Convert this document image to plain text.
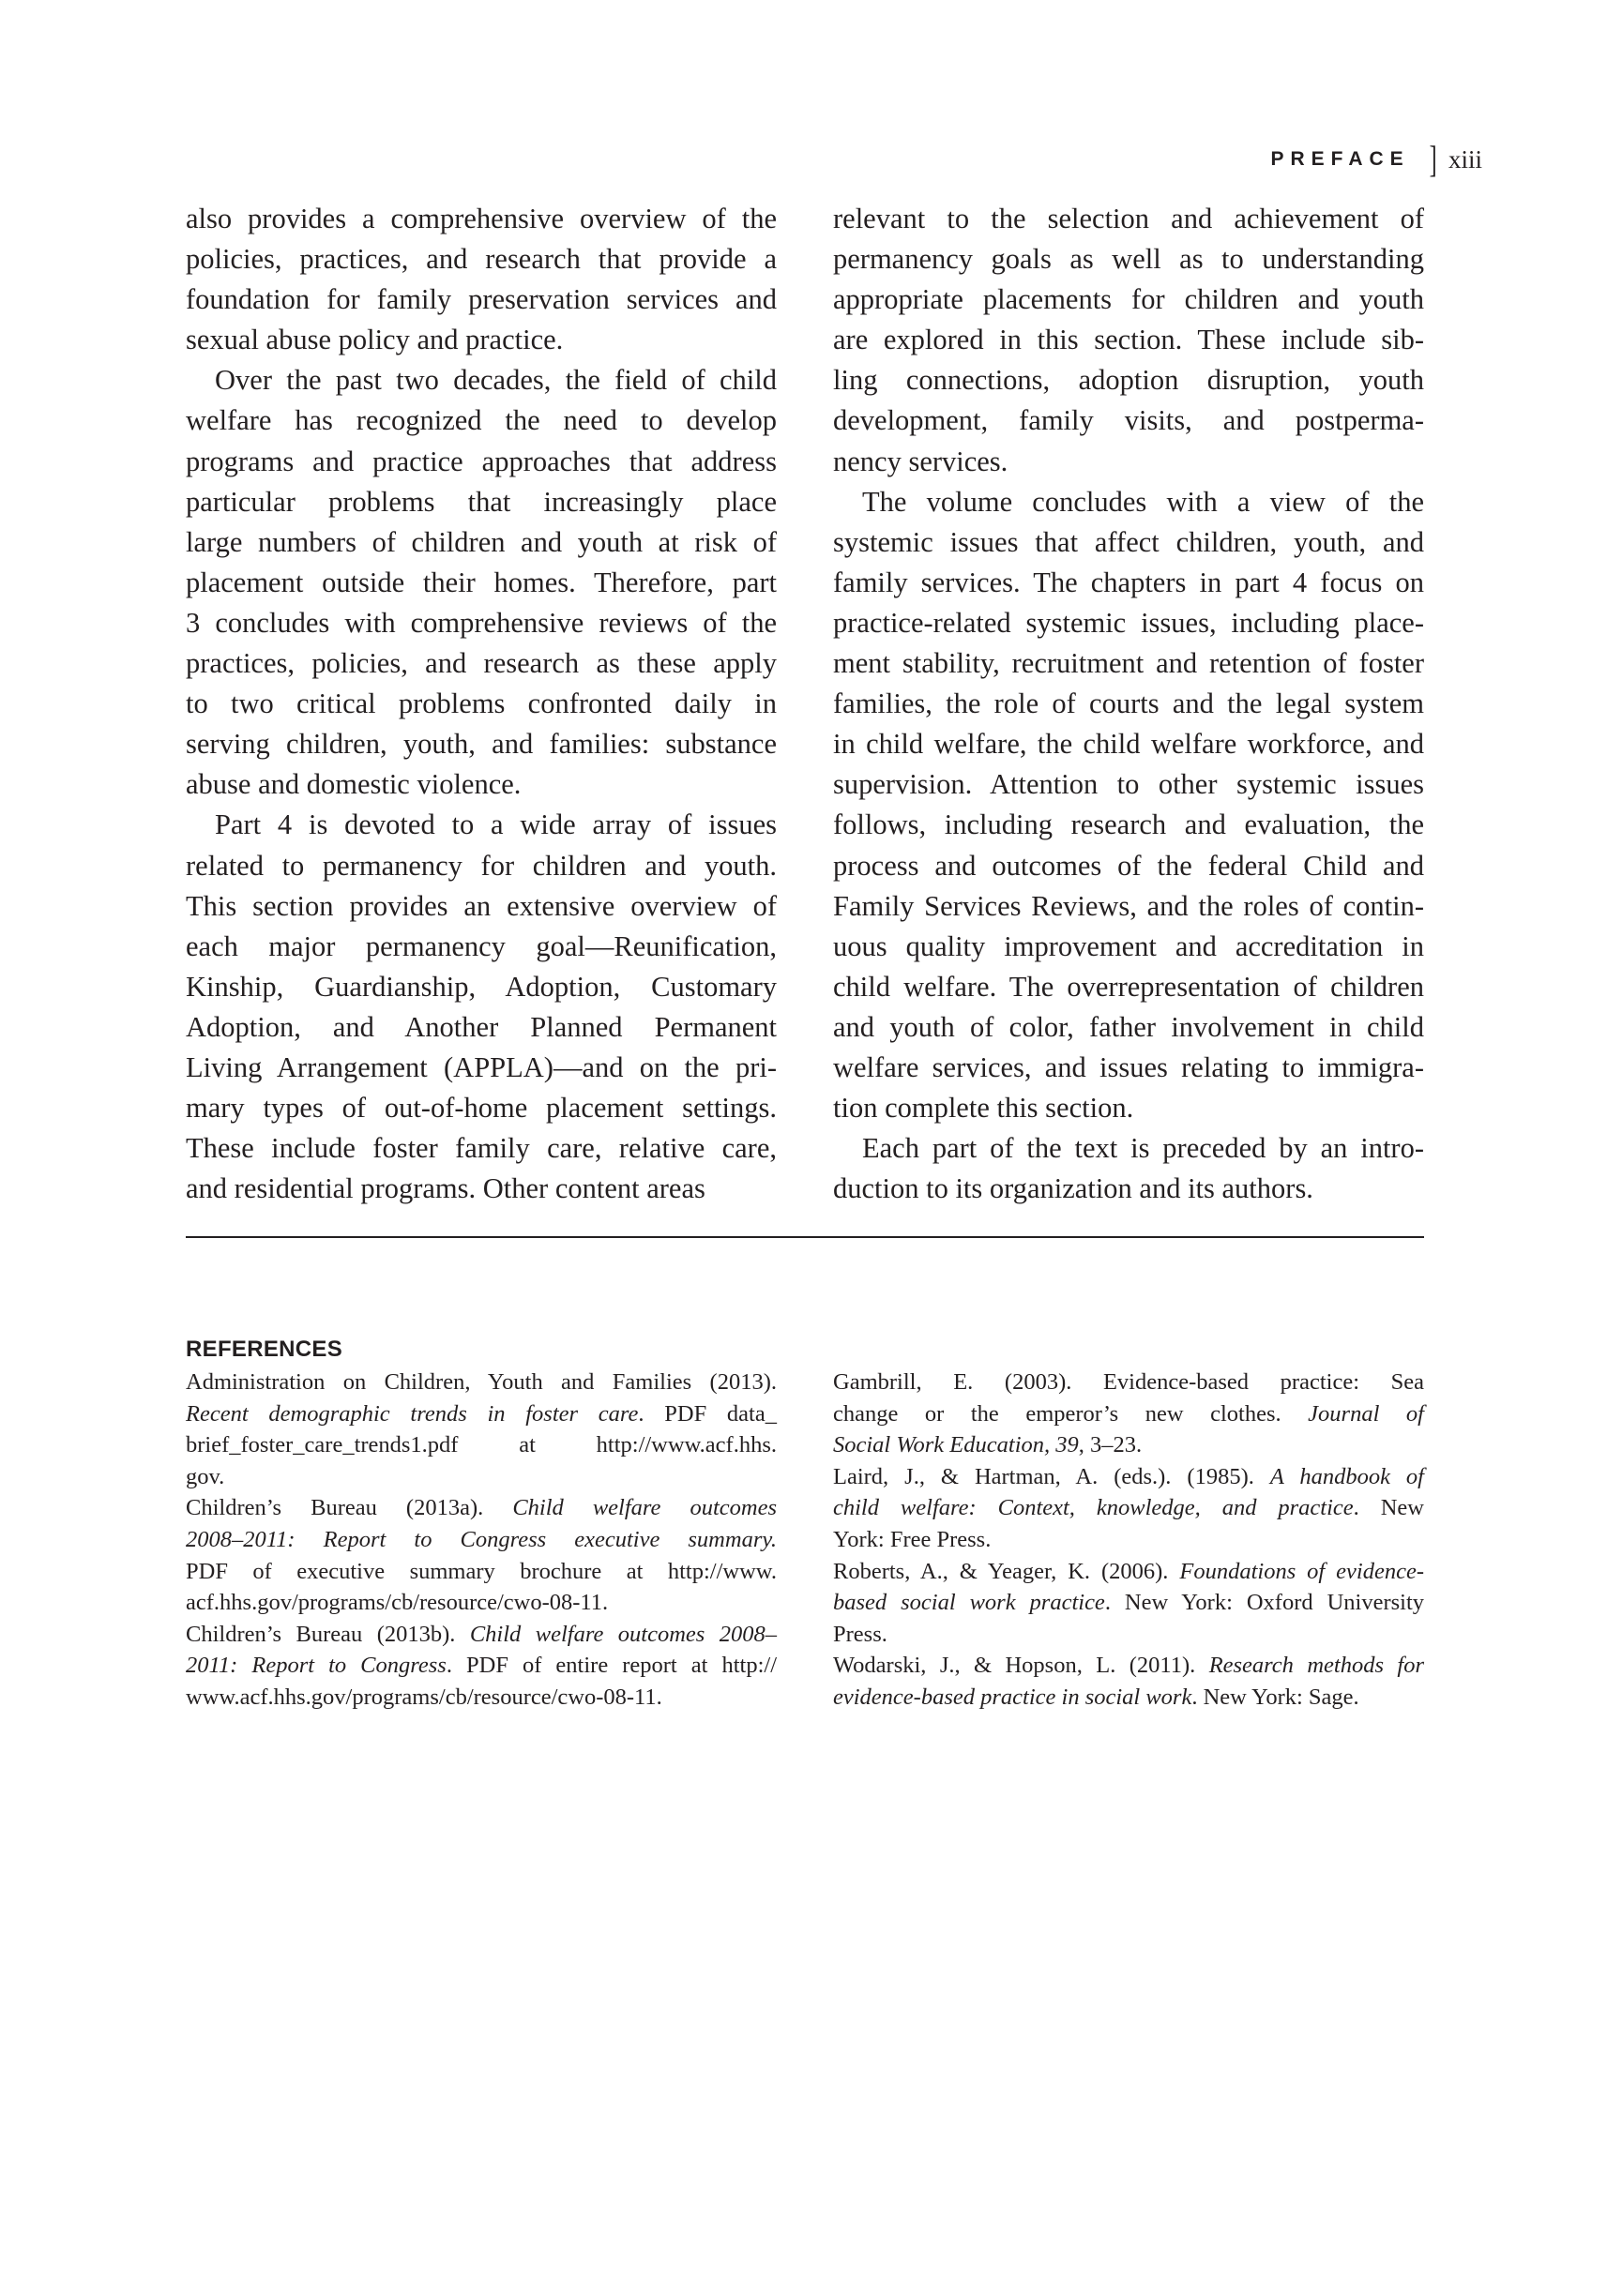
PREFACE ] xiii

also provides a comprehensive overview of the
policies, practices, and research that provide a
foundation for family preservation services and
sexual abuse policy and practice.

Over the past two decades, the field of child
welfare has recognized the need to develop
programs and practice approaches that address
particular problems that increasingly place
large numbers of children and youth at risk of
placement outside their homes. Therefore, part
3 concludes with comprehensive reviews of the
practices, policies, and research as these apply
to two critical problems confronted daily in
serving children, youth, and families: substance
abuse and domestic violence.

Part 4 is devoted to a wide array of issues
related to permanency for children and youth.
This section provides an extensive overview of
each major permanency goal—Reunification,
Kinship, Guardianship, Adoption, Customary
Adoption, and Another Planned Permanent
Living Arrangement (APPLA)—and on the pri-
mary types of out-of-home placement settings.
These include foster family care, relative care,
and residential programs. Other content areas

relevant to the selection and achievement of
permanency goals as well as to understanding
appropriate placements for children and youth
are explored in this section. These include sib-
ling connections, adoption disruption, youth
development, family visits, and postperma-
nency services.

The volume concludes with a view of the
systemic issues that affect children, youth, and
family services. The chapters in part 4 focus on
practice-related systemic issues, including place-
ment stability, recruitment and retention of foster
families, the role of courts and the legal system
in child welfare, the child welfare workforce, and
supervision. Attention to other systemic issues
follows, including research and evaluation, the
process and outcomes of the federal Child and
Family Services Reviews, and the roles of contin-
uous quality improvement and accreditation in
child welfare. The overrepresentation of children
and youth of color, father involvement in child
welfare services, and issues relating to immigra-
tion complete this section.

Each part of the text is preceded by an intro-
duction to its organization and its authors.

REFERENCES
Administration on Children, Youth and Families (2013).
Recent demographic trends in foster care. PDF data_
brief_foster_care_trends1.pdf at http://www.acf.hhs.
gov.
Children’s Bureau (2013a). Child welfare outcomes
2008–2011: Report to Congress executive summary.
PDF of executive summary brochure at http://www.
acf.hhs.gov/programs/cb/resource/cwo-08-11.
Children’s Bureau (2013b). Child welfare outcomes 2008–
2011: Report to Congress. PDF of entire report at http://
www.acf.hhs.gov/programs/cb/resource/cwo-08-11.
Gambrill, E. (2003). Evidence-based practice: Sea
change or the emperor’s new clothes. Journal of
Social Work Education, 39, 3–23.
Laird, J., & Hartman, A. (eds.). (1985). A handbook of
child welfare: Context, knowledge, and practice. New
York: Free Press.
Roberts, A., & Yeager, K. (2006). Foundations of evidence-
based social work practice. New York: Oxford University
Press.
Wodarski, J., & Hopson, L. (2011). Research methods for
evidence-based practice in social work. New York: Sage.
